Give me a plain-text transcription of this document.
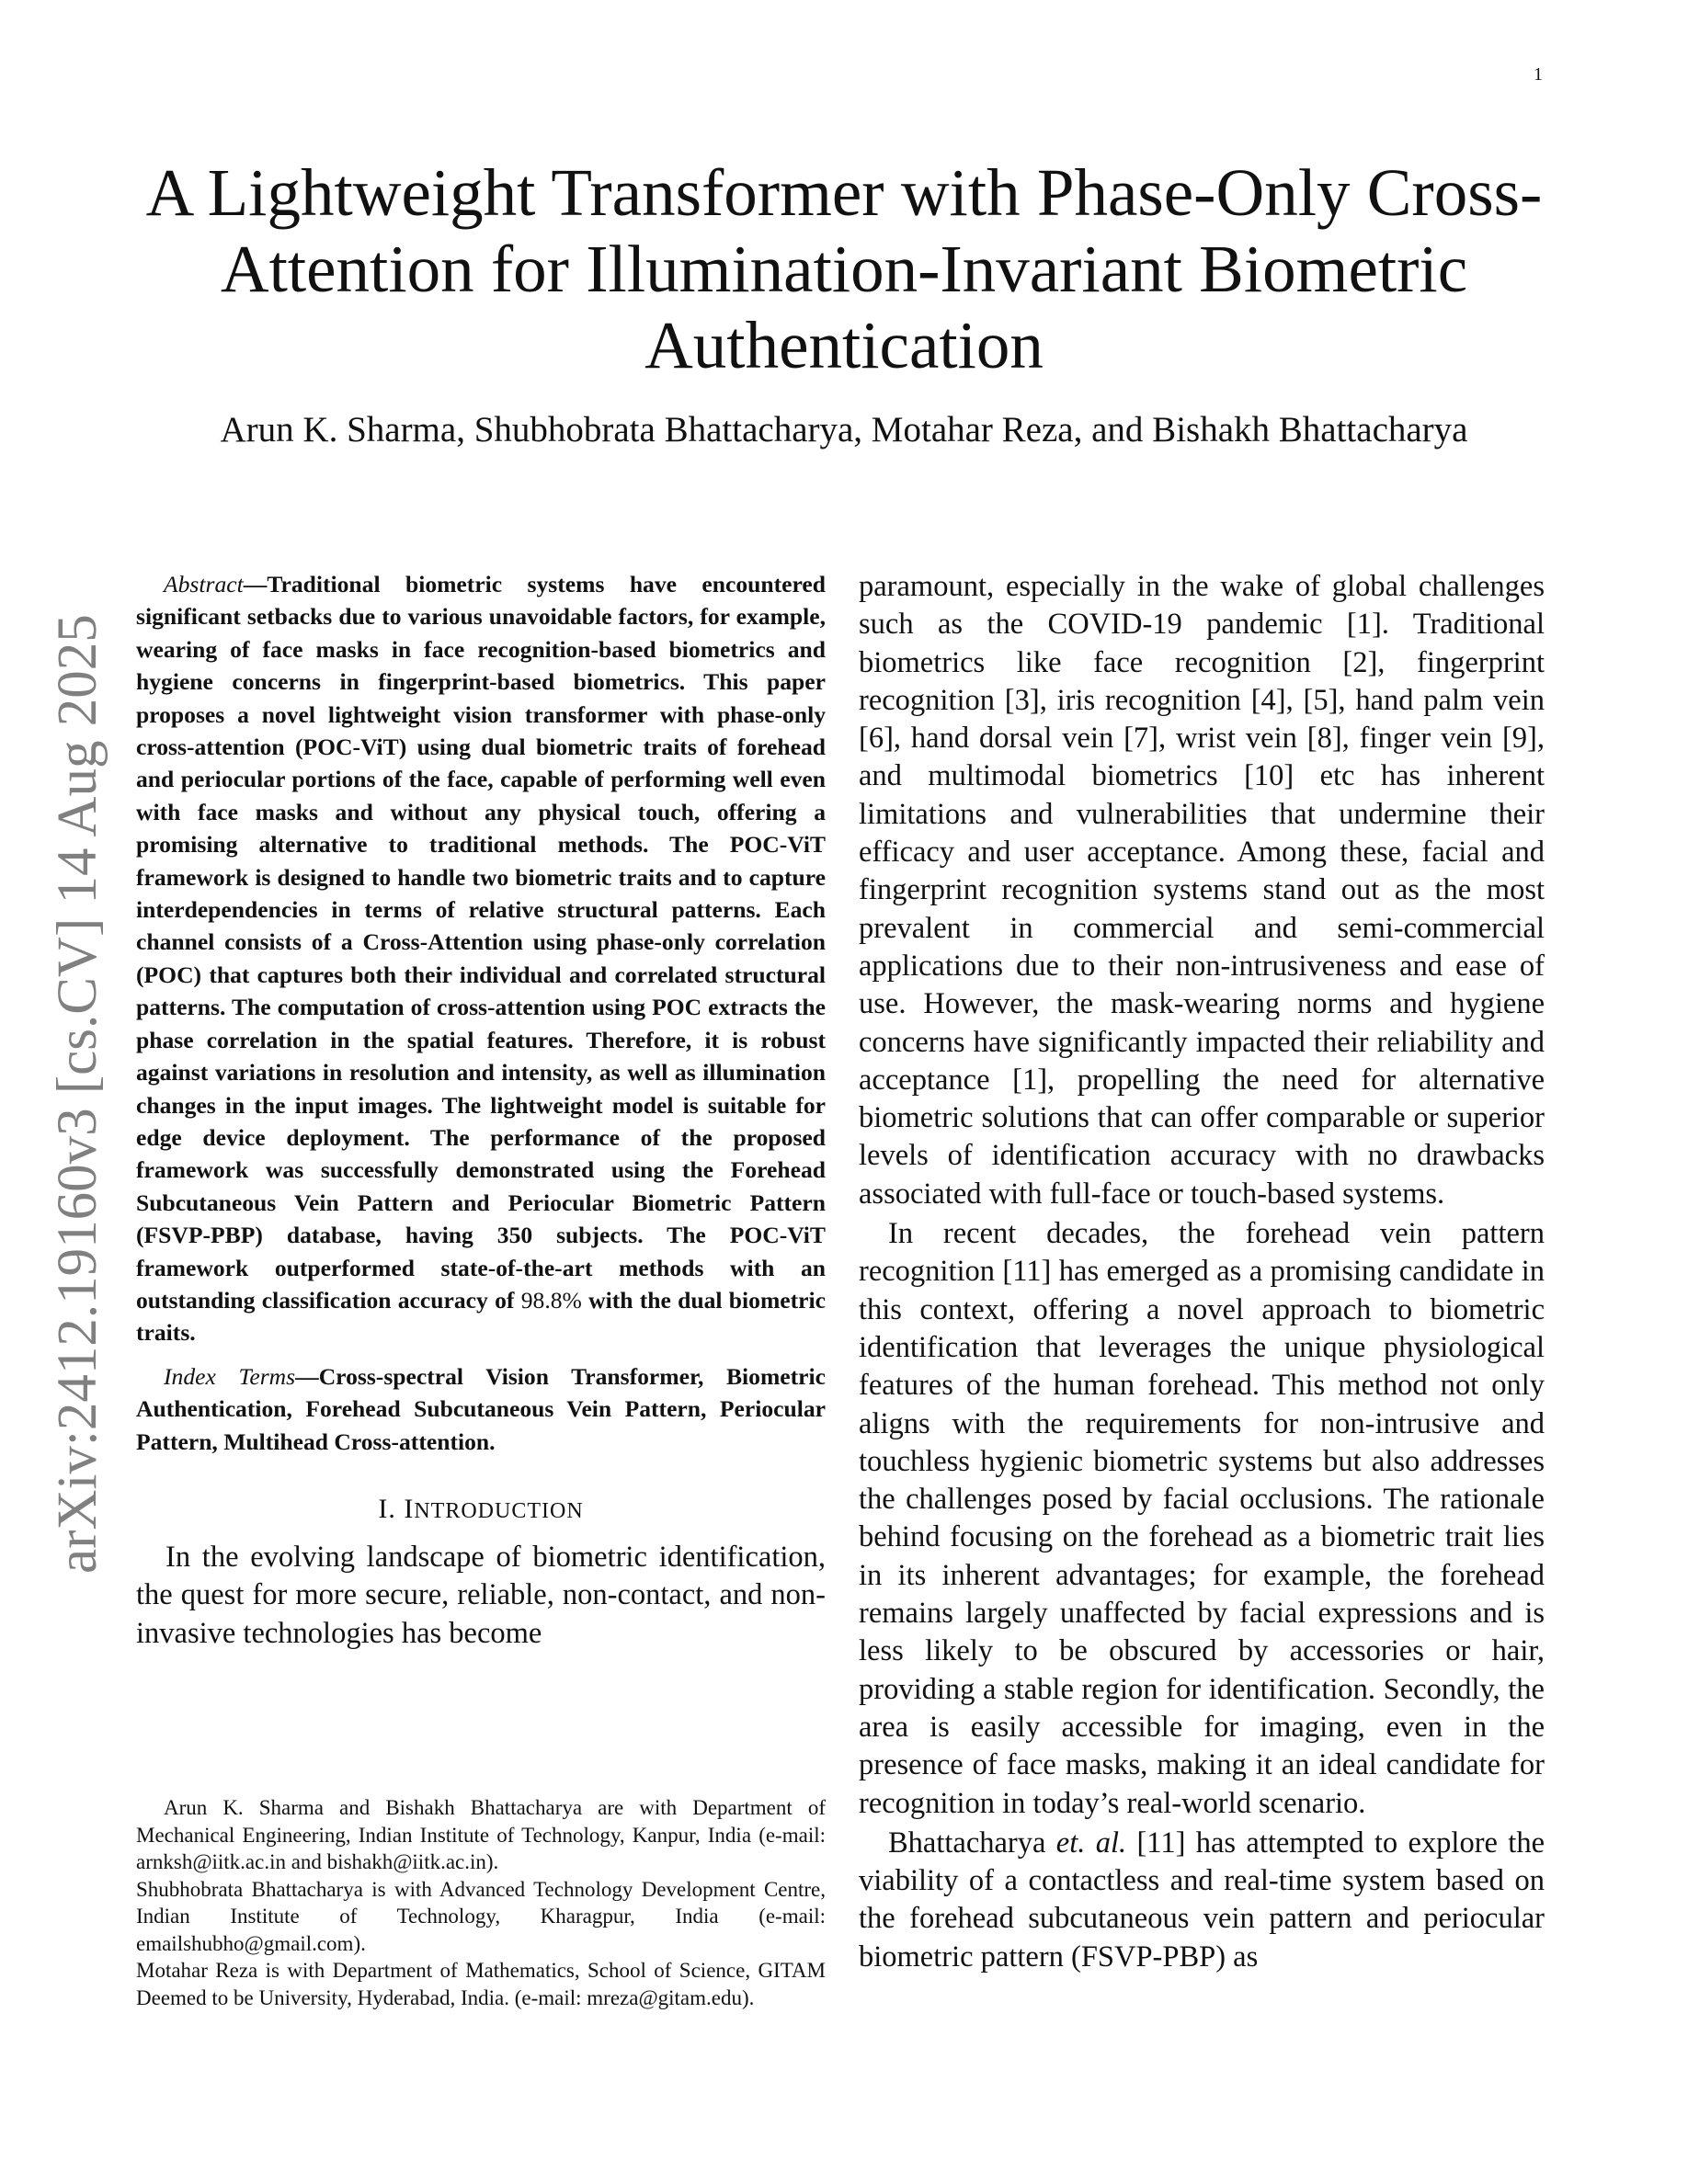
1
A Lightweight Transformer with Phase-Only Cross-Attention for Illumination-Invariant Biometric Authentication
Arun K. Sharma, Shubhobrata Bhattacharya, Motahar Reza, and Bishakh Bhattacharya
arXiv:2412.19160v3 [cs.CV] 14 Aug 2025

Abstract—Traditional biometric systems have encountered significant setbacks due to various unavoidable factors, for example, wearing of face masks in face recognition-based biometrics and hygiene concerns in fingerprint-based biometrics. This paper proposes a novel lightweight vision transformer with phase-only cross-attention (POC-ViT) using dual biometric traits of forehead and periocular portions of the face, capable of performing well even with face masks and without any physical touch, offering a promising alternative to traditional methods. The POC-ViT framework is designed to handle two biometric traits and to capture interdependencies in terms of relative structural patterns. Each channel consists of a Cross-Attention using phase-only correlation (POC) that captures both their individual and correlated structural patterns. The computation of cross-attention using POC extracts the phase correlation in the spatial features. Therefore, it is robust against variations in resolution and intensity, as well as illumination changes in the input images. The lightweight model is suitable for edge device deployment. The performance of the proposed framework was successfully demonstrated using the Forehead Subcutaneous Vein Pattern and Periocular Biometric Pattern (FSVP-PBP) database, having 350 subjects. The POC-ViT framework outperformed state-of-the-art methods with an outstanding classification accuracy of 98.8% with the dual biometric traits.

Index Terms—Cross-spectral Vision Transformer, Biometric Authentication, Forehead Subcutaneous Vein Pattern, Periocular Pattern, Multihead Cross-attention.

I. INTRODUCTION

In the evolving landscape of biometric identification, the quest for more secure, reliable, non-contact, and non-invasive technologies has become

Arun K. Sharma and Bishakh Bhattacharya are with Department of Mechanical Engineering, Indian Institute of Technology, Kanpur, India (e-mail: arnksh@iitk.ac.in and bishakh@iitk.ac.in).

Shubhobrata Bhattacharya is with Advanced Technology Development Centre, Indian Institute of Technology, Kharagpur, India (e-mail: emailshubho@gmail.com).

Motahar Reza is with Department of Mathematics, School of Science, GITAM Deemed to be University, Hyderabad, India. (e-mail: mreza@gitam.edu).

paramount, especially in the wake of global challenges such as the COVID-19 pandemic [1]. Traditional biometrics like face recognition [2], fingerprint recognition [3], iris recognition [4], [5], hand palm vein [6], hand dorsal vein [7], wrist vein [8], finger vein [9], and multimodal biometrics [10] etc has inherent limitations and vulnerabilities that undermine their efficacy and user acceptance. Among these, facial and fingerprint recognition systems stand out as the most prevalent in commercial and semi-commercial applications due to their non-intrusiveness and ease of use. However, the mask-wearing norms and hygiene concerns have significantly impacted their reliability and acceptance [1], propelling the need for alternative biometric solutions that can offer comparable or superior levels of identification accuracy with no drawbacks associated with full-face or touch-based systems.

In recent decades, the forehead vein pattern recognition [11] has emerged as a promising candidate in this context, offering a novel approach to biometric identification that leverages the unique physiological features of the human forehead. This method not only aligns with the requirements for non-intrusive and touchless hygienic biometric systems but also addresses the challenges posed by facial occlusions. The rationale behind focusing on the forehead as a biometric trait lies in its inherent advantages; for example, the forehead remains largely unaffected by facial expressions and is less likely to be obscured by accessories or hair, providing a stable region for identification. Secondly, the area is easily accessible for imaging, even in the presence of face masks, making it an ideal candidate for recognition in today’s real-world scenario.

Bhattacharya et. al. [11] has attempted to explore the viability of a contactless and real-time system based on the forehead subcutaneous vein pattern and periocular biometric pattern (FSVP-PBP) as
